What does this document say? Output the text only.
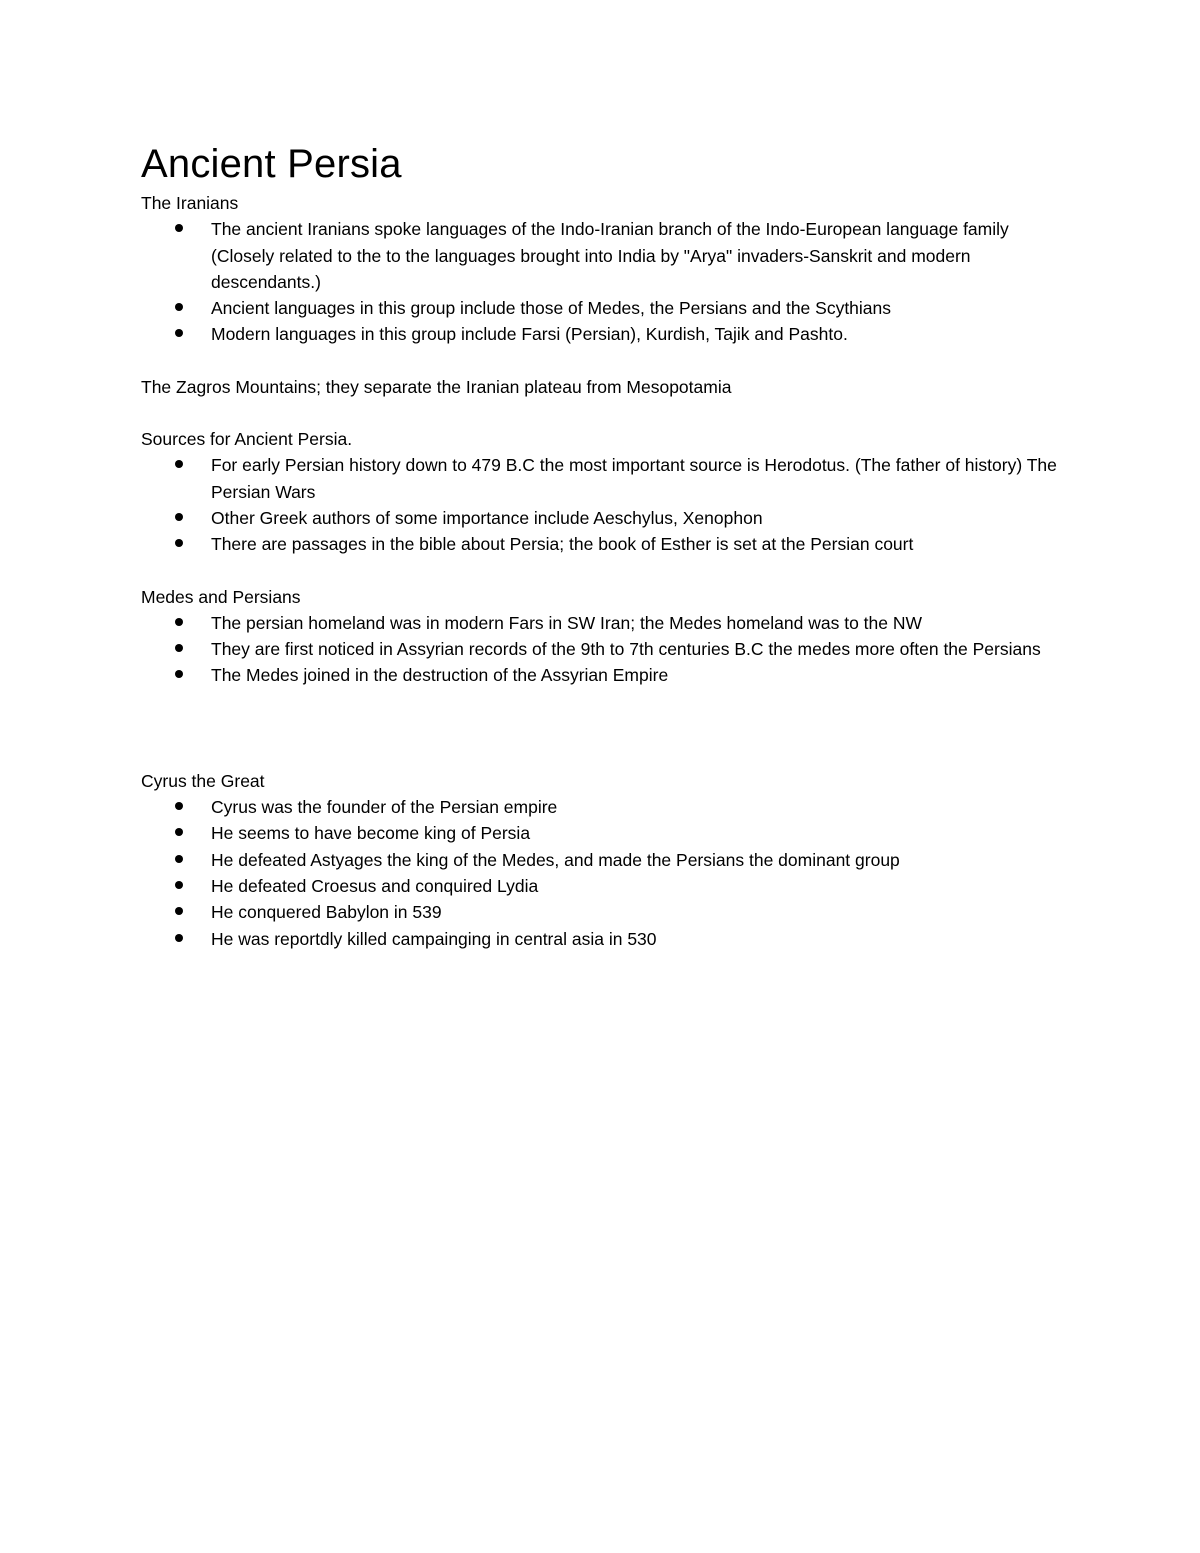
Ancient Persia

The Iranians

The ancient Iranians spoke languages of the Indo-Iranian branch of the Indo-European language family (Closely related to the to the languages brought into India by "Arya" invaders-Sanskrit and modern descendants.)
Ancient languages in this group include those of Medes, the Persians and the Scythians
Modern languages in this group include Farsi (Persian), Kurdish, Tajik and Pashto.

The Zagros Mountains; they separate the Iranian plateau from Mesopotamia

Sources for Ancient Persia.

For early Persian history down to 479 B.C the most important source is Herodotus. (The father of history) The Persian Wars
Other Greek authors of some importance include Aeschylus, Xenophon
There are passages in the bible about Persia; the book of Esther is set at the Persian court

Medes and Persians

The persian homeland was in modern Fars in SW Iran; the Medes homeland was to the NW
They are first noticed in Assyrian records of the 9th to 7th centuries B.C the medes more often the Persians
The Medes joined in the destruction of the Assyrian Empire

Cyrus the Great

Cyrus was the founder of the Persian empire
He seems to have become king of Persia
He defeated Astyages the king of the Medes, and made the Persians the dominant group
He defeated Croesus and conquired Lydia
He conquered Babylon in 539
He was reportdly killed campainging in central asia in 530
